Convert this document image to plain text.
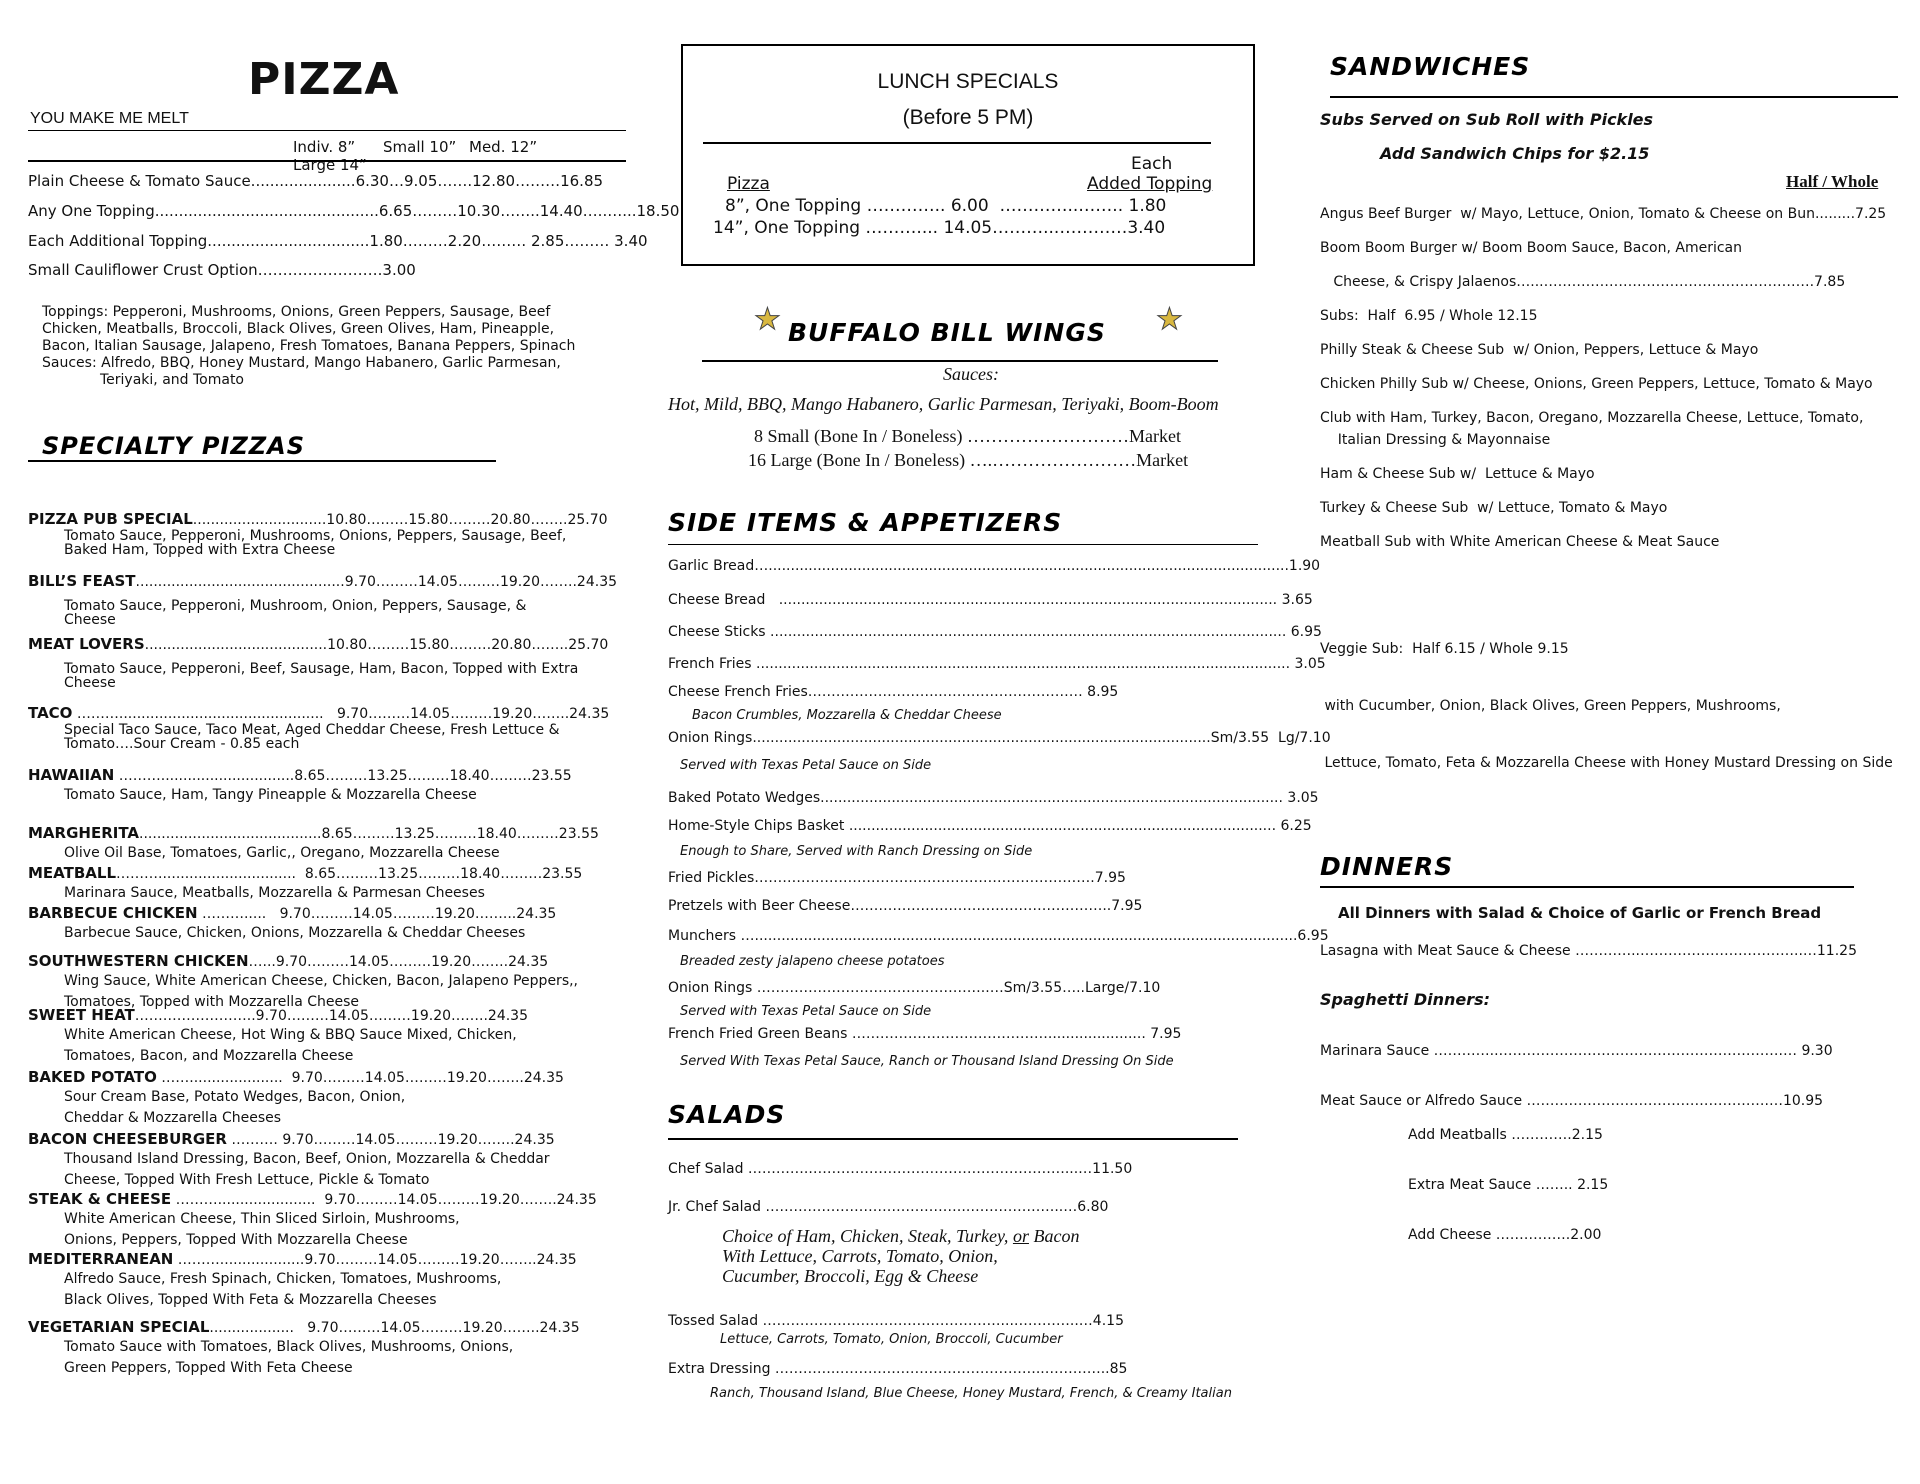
PIZZA
YOU MAKE ME MELT
Indiv. 8” Small 10” Med. 12”Large 14”
Plain Cheese & Tomato Sauce......................6.30…9.05…….12.80………16.85
Any One Topping...............................................6.65………10.30……..14.40…..…...18.50
Each Additional Topping..................................1.80………2.20……… 2.85……… 3.40
Small Cauliflower Crust Option…………………….3.00
Toppings: Pepperoni, Mushrooms, Onions, Green Peppers, Sausage, Beef
Chicken, Meatballs, Broccoli, Black Olives, Green Olives, Ham, Pineapple,
Bacon, Italian Sausage, Jalapeno, Fresh Tomatoes, Banana Peppers, Spinach
Sauces: Alfredo, BBQ, Honey Mustard, Mango Habanero, Garlic Parmesan,
Teriyaki, and Tomato
SPECIALTY PIZZAS
PIZZA PUB SPECIAL..............................10.80………15.80………20.80……..25.70
Tomato Sauce, Pepperoni, Mushrooms, Onions, Peppers, Sausage, Beef,
Baked Ham, Topped with Extra Cheese
BILL’S FEAST...............................................9.70………14.05………19.20……..24.35
Tomato Sauce, Pepperoni, Mushroom, Onion, Peppers, Sausage, &
Cheese
MEAT LOVERS.........................................10.80………15.80………20.80……..25.70
Tomato Sauce, Pepperoni, Beef, Sausage, Ham, Bacon, Topped with Extra
Cheese
TACO ………..............................................   9.70………14.05………19.20……..24.35
Special Taco Sauce, Taco Meat, Aged Cheddar Cheese, Fresh Lettuce &
Tomato….Sour Cream - 0.85 each
HAWAIIAN ………..............................8.65………13.25………18.40………23.55
Tomato Sauce, Ham, Tangy Pineapple & Mozzarella Cheese
MARGHERITA.........................................8.65………13.25………18.40………23.55
Olive Oil Base, Tomatoes, Garlic,, Oregano, Mozzarella Cheese
MEATBALL………...............................  8.65………13.25………18.40………23.55
Marinara Sauce, Meatballs, Mozzarella & Parmesan Cheeses
BARBECUE CHICKEN ……….....   9.70………14.05………19.20……...24.35
Barbecue Sauce, Chicken, Onions, Mozzarella & Cheddar Cheeses
SOUTHWESTERN CHICKEN…...9.70………14.05………19.20……..24.35
Wing Sauce, White American Cheese, Chicken, Bacon, Jalapeno Peppers,,
Tomatoes, Topped with Mozzarella Cheese
SWEET HEAT……………………..9.70………14.05………19.20……..24.35
White American Cheese, Hot Wing & BBQ Sauce Mixed, Chicken,
Tomatoes, Bacon, and Mozzarella Cheese
BAKED POTATO …….....................  9.70………14.05………19.20……..24.35
Sour Cream Base, Potato Wedges, Bacon, Onion,
Cheddar & Mozzarella Cheeses
BACON CHEESEBURGER ………. 9.70………14.05………19.20……..24.35
Thousand Island Dressing, Bacon, Beef, Onion, Mozzarella & Cheddar
Cheese, Topped With Fresh Lettuce, Pickle & Tomato
STEAK & CHEESE ………......................  9.70………14.05………19.20……..24.35
White American Cheese, Thin Sliced Sirloin, Mushrooms,
Onions, Peppers, Topped With Mozzarella Cheese
MEDITERRANEAN ………...................9.70………14.05………19.20……..24.35
Alfredo Sauce, Fresh Spinach, Chicken, Tomatoes, Mushrooms,
Black Olives, Topped With Feta & Mozzarella Cheeses
VEGETARIAN SPECIAL...................   9.70………14.05………19.20……..24.35
Tomato Sauce with Tomatoes, Black Olives, Mushrooms, Onions,
Green Peppers, Topped With Feta Cheese
LUNCH SPECIALS
(Before 5 PM)
Each
Pizza	Added Topping
8”, One Topping ………….. 6.00  …………..…….. 1.80
14”, One Topping ……….... 14.05………...…………3.40
★ BUFFALO BILL WINGS ★
Sauces:
Hot, Mild, BBQ, Mango Habanero, Garlic Parmesan, Teriyaki, Boom-Boom
8 Small (Bone In / Boneless) ………………………Market
16 Large (Bone In / Boneless) ….……………………Market
SIDE ITEMS & APPETIZERS
Garlic Bread….....................................................................................................................1.90
Cheese Bread   ................................................................................................................ 3.65
Cheese Sticks .................................................................................................................... 6.95
French Fries ........................................................................................................................ 3.05
Cheese French Fries………………………..………………………… 8.95
Bacon Crumbles, Mozzarella & Cheddar Cheese
Onion Rings.......................................................................................................Sm/3.55  Lg/7.10
Served with Texas Petal Sauce on Side
Baked Potato Wedges........................................................................................................ 3.05
Home-Style Chips Basket ................................................................................................ 6.25
Enough to Share, Served with Ranch Dressing on Side
Fried Pickles……………………………………………………………….7.95
Pretzels with Beer Cheese………………………………………………..7.95
Munchers …..........................................................................................................................6.95
Breaded zesty jalapeno cheese potatoes
Onion Rings …………………………………………..…Sm/3.55…..Large/7.10
Served with Texas Petal Sauce on Side
French Fried Green Beans ……………………………………...................... 7.95
Served With Texas Petal Sauce, Ranch or Thousand Island Dressing On Side
SALADS
Chef Salad …………..………………………………………………...…11.50
Jr. Chef Salad ……………………………………..………………..…6.80
Choice of Ham, Chicken, Steak, Turkey, or Bacon
With Lettuce, Carrots, Tomato, Onion,
Cucumber, Broccoli, Egg & Cheese
Tossed Salad ……………………………………………...…………..…4.15
Lettuce, Carrots, Tomato, Onion, Broccoli, Cucumber
Extra Dressing …………..……………………………………..…………..85
Ranch, Thousand Island, Blue Cheese, Honey Mustard, French, & Creamy Italian
SANDWICHES
Subs Served on Sub Roll with Pickles
Add Sandwich Chips for $2.15
Half / Whole
Angus Beef Burger  w/ Mayo, Lettuce, Onion, Tomato & Cheese on Bun.........7.25
Boom Boom Burger w/ Boom Boom Sauce, Bacon, American
Cheese, & Crispy Jalaenos…...………………………………………………….7.85
Subs:  Half  6.95 / Whole 12.15
Philly Steak & Cheese Sub  w/ Onion, Peppers, Lettuce & Mayo
Chicken Philly Sub w/ Cheese, Onions, Green Peppers, Lettuce, Tomato & Mayo
Club with Ham, Turkey, Bacon, Oregano, Mozzarella Cheese, Lettuce, Tomato,
Italian Dressing & Mayonnaise
Ham & Cheese Sub w/  Lettuce & Mayo
Turkey & Cheese Sub  w/ Lettuce, Tomato & Mayo
Meatball Sub with White American Cheese & Meat Sauce

Veggie Sub:  Half 6.15 / Whole 9.15

with Cucumber, Onion, Black Olives, Green Peppers, Mushrooms,

Lettuce, Tomato, Feta & Mozzarella Cheese with Honey Mustard Dressing on Side

DINNERS
All Dinners with Salad & Choice of Garlic or French Bread
Lasagna with Meat Sauce & Cheese …………..……………………………..…11.25
Spaghetti Dinners:
Marinara Sauce …………..…………………………………………………….… 9.30
Meat Sauce or Alfredo Sauce …………………………………………….…10.95
Add Meatballs ………….2.15
Extra Meat Sauce …….. 2.15
Add Cheese …………….2.00
